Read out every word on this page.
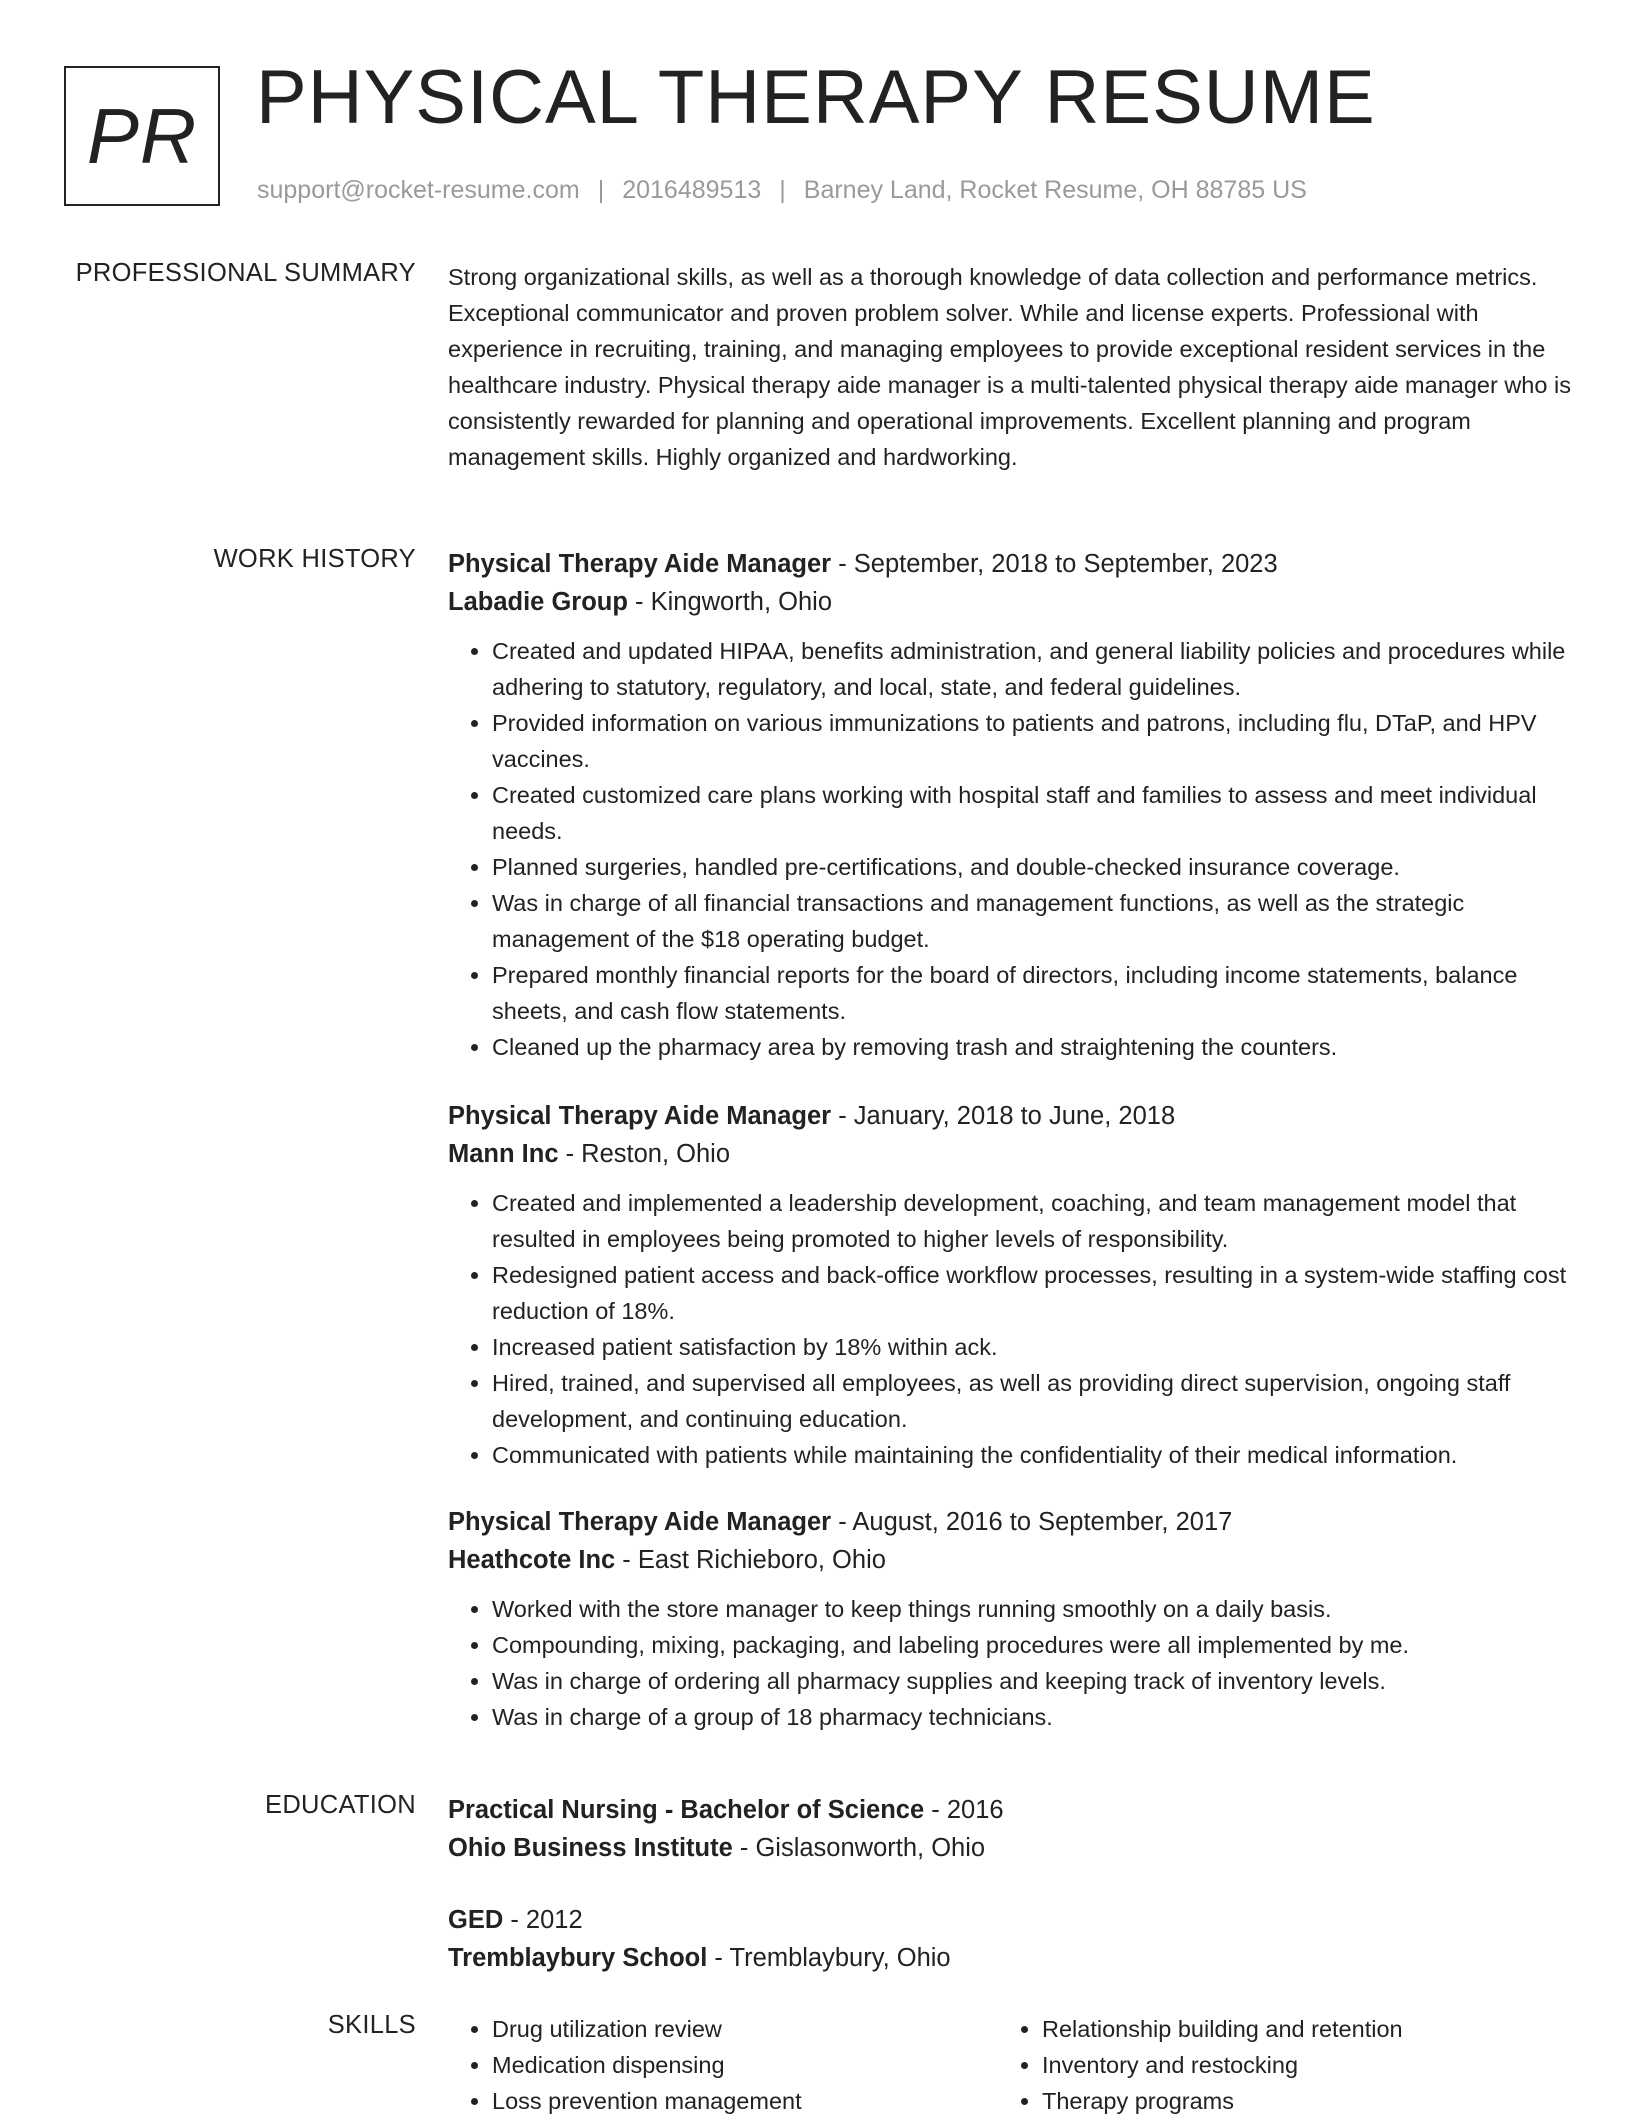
PR PHYSICAL THERAPY RESUME
support@rocket-resume.com | 2016489513 | Barney Land, Rocket Resume, OH 88785 US
PROFESSIONAL SUMMARY Strong organizational skills, as well as a thorough knowledge of data collection and performance metrics. Exceptional communicator and proven problem solver. While and license experts. Professional with experience in recruiting, training, and managing employees to provide exceptional resident services in the healthcare industry. Physical therapy aide manager is a multi-talented physical therapy aide manager who is consistently rewarded for planning and operational improvements. Excellent planning and program management skills. Highly organized and hardworking.

WORK HISTORY Physical Therapy Aide Manager - September, 2018 to September, 2023
Labadie Group - Kingworth, Ohio
• Created and updated HIPAA, benefits administration, and general liability policies and procedures while adhering to statutory, regulatory, and local, state, and federal guidelines.
• Provided information on various immunizations to patients and patrons, including flu, DTaP, and HPV vaccines.
• Created customized care plans working with hospital staff and families to assess and meet individual needs.
• Planned surgeries, handled pre-certifications, and double-checked insurance coverage.
• Was in charge of all financial transactions and management functions, as well as the strategic management of the $18 operating budget.
• Prepared monthly financial reports for the board of directors, including income statements, balance sheets, and cash flow statements.
• Cleaned up the pharmacy area by removing trash and straightening the counters.
Physical Therapy Aide Manager - January, 2018 to June, 2018
Mann Inc - Reston, Ohio
• Created and implemented a leadership development, coaching, and team management model that resulted in employees being promoted to higher levels of responsibility.
• Redesigned patient access and back-office workflow processes, resulting in a system-wide staffing cost reduction of 18%.
• Increased patient satisfaction by 18% within ack.
• Hired, trained, and supervised all employees, as well as providing direct supervision, ongoing staff development, and continuing education.
• Communicated with patients while maintaining the confidentiality of their medical information.
Physical Therapy Aide Manager - August, 2016 to September, 2017
Heathcote Inc - East Richieboro, Ohio
• Worked with the store manager to keep things running smoothly on a daily basis.
• Compounding, mixing, packaging, and labeling procedures were all implemented by me.
• Was in charge of ordering all pharmacy supplies and keeping track of inventory levels.
• Was in charge of a group of 18 pharmacy technicians.
EDUCATION Practical Nursing - Bachelor of Science - 2016
Ohio Business Institute - Gislasonworth, Ohio
GED - 2012
Tremblaybury School - Tremblaybury, Ohio
SKILLS
•	Drug utilization review
• Medication dispensing
• Loss prevention management
• Relationship building and retention
• Inventory and restocking
• Therapy programs
